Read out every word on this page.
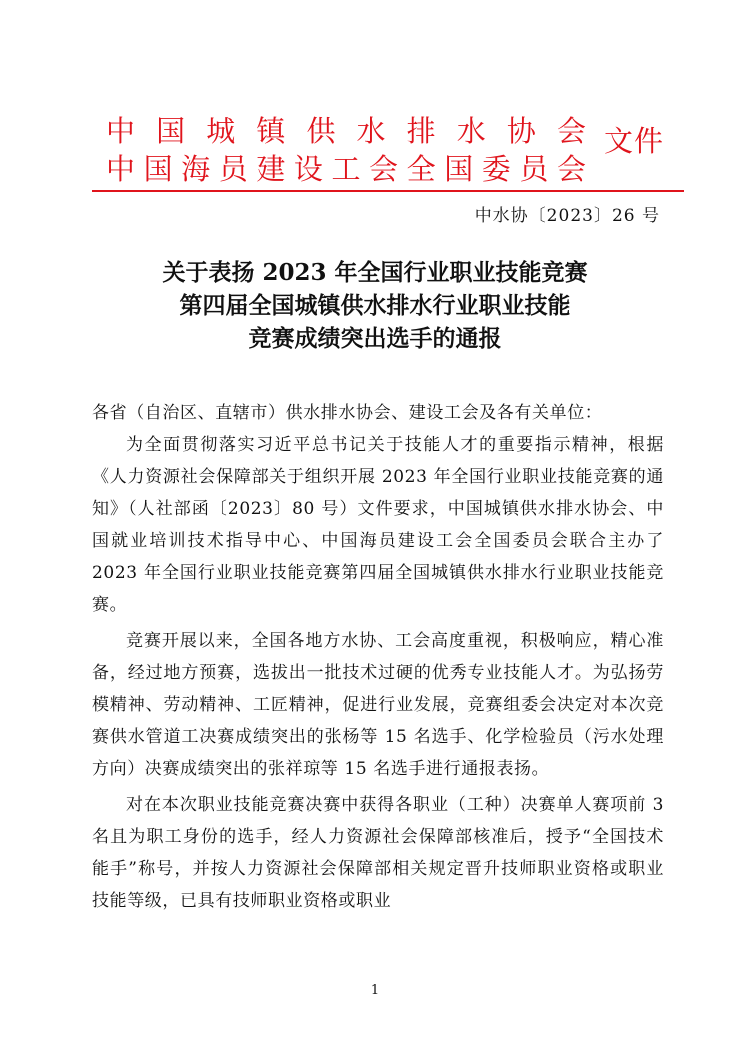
中 国 城 镇 供 水 排 水 协 会
中 国 海 员 建 设 工 会 全 国 委 员 会
文件
中水协〔2023〕26 号
关于表扬 2023 年全国行业职业技能竞赛
第四届全国城镇供水排水行业职业技能
竞赛成绩突出选手的通报

各省（自治区、直辖市）供水排水协会、建设工会及各有关单位：

为全面贯彻落实习近平总书记关于技能人才的重要指示精神，根据《人力资源社会保障部关于组织开展 2023 年全国行业职业技能竞赛的通知》（人社部函〔2023〕80 号）文件要求，中国城镇供水排水协会、中国就业培训技术指导中心、中国海员建设工会全国委员会联合主办了 2023 年全国行业职业技能竞赛第四届全国城镇供水排水行业职业技能竞赛。

竞赛开展以来，全国各地方水协、工会高度重视，积极响应，精心准备，经过地方预赛，选拔出一批技术过硬的优秀专业技能人才。为弘扬劳模精神、劳动精神、工匠精神，促进行业发展，竞赛组委会决定对本次竞赛供水管道工决赛成绩突出的张杨等 15 名选手、化学检验员（污水处理方向）决赛成绩突出的张祥琼等 15 名选手进行通报表扬。

对在本次职业技能竞赛决赛中获得各职业（工种）决赛单人赛项前 3 名且为职工身份的选手，经人力资源社会保障部核准后，授予“全国技术能手”称号，并按人力资源社会保障部相关规定晋升技师职业资格或职业技能等级，已具有技师职业资格或职业

1
